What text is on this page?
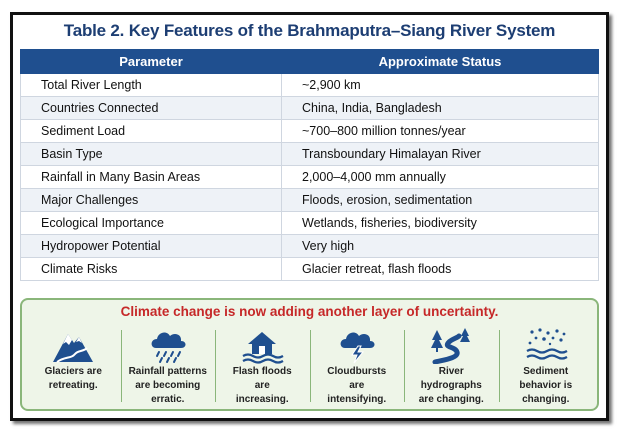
Table 2. Key Features of the Brahmaputra–Siang River System
Parameter	Approximate Status
Total River Length	~2,900 km
Countries Connected	China, India, Bangladesh
Sediment Load	~700–800 million tonnes/year
Basin Type	Transboundary Himalayan River
Rainfall in Many Basin Areas	2,000–4,000 mm annually
Major Challenges	Floods, erosion, sedimentation
Ecological Importance	Wetlands, fisheries, biodiversity
Hydropower Potential	Very high
Climate Risks	Glacier retreat, flash floods
Climate change is now adding another layer of uncertainty.
Glaciers are
retreating.
Rainfall patterns
are becoming
erratic.
Flash floods
are
increasing.
Cloudbursts
are
intensifying.
River
hydrographs
are changing.
Sediment
behavior is
changing.
